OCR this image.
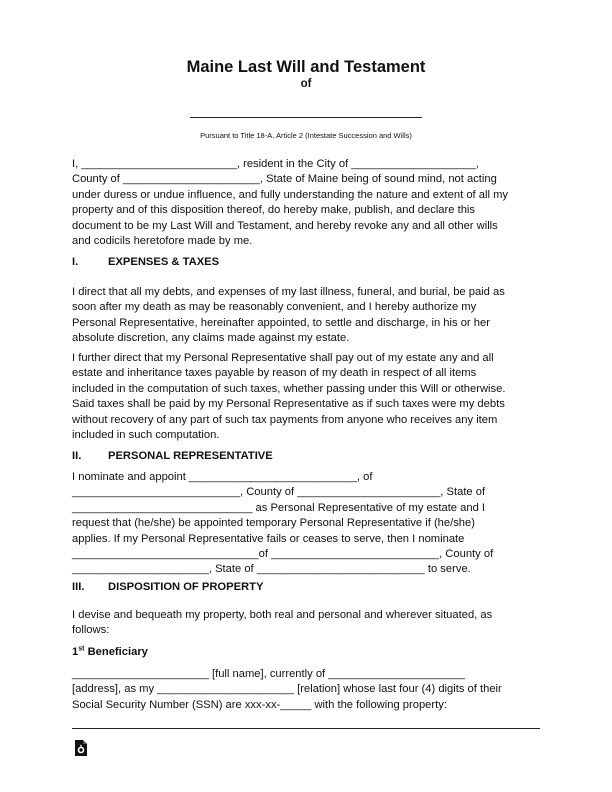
Maine Last Will and Testament
of
Pursuant to Title 18-A, Article 2 (Intestate Succession and Wills)

I, _________________________, resident in the City of ____________________,
County of ______________________, State of Maine being of sound mind, not acting
under duress or undue influence, and fully understanding the nature and extent of all my
property and of this disposition thereof, do hereby make, publish, and declare this
document to be my Last Will and Testament, and hereby revoke any and all other wills
and codicils heretofore made by me.

I.	EXPENSES & TAXES

I direct that all my debts, and expenses of my last illness, funeral, and burial, be paid as
soon after my death as may be reasonably convenient, and I hereby authorize my
Personal Representative, hereinafter appointed, to settle and discharge, in his or her
absolute discretion, any claims made against my estate.

I further direct that my Personal Representative shall pay out of my estate any and all
estate and inheritance taxes payable by reason of my death in respect of all items
included in the computation of such taxes, whether passing under this Will or otherwise.
Said taxes shall be paid by my Personal Representative as if such taxes were my debts
without recovery of any part of such tax payments from anyone who receives any item
included in such computation.

II. PERSONAL REPRESENTATIVE

I nominate and appoint ___________________________, of
___________________________, County of _______________________, State of
_____________________________ as Personal Representative of my estate and I
request that (he/she) be appointed temporary Personal Representative if (he/she)
applies. If my Personal Representative fails or ceases to serve, then I nominate
______________________________of ___________________________, County of
______________________, State of ___________________________ to serve.

III. DISPOSITION OF PROPERTY

I devise and bequeath my property, both real and personal and wherever situated, as
follows:

1st Beneficiary

______________________ [full name], currently of ______________________
[address], as my ______________________ [relation] whose last four (4) digits of their
Social Security Number (SSN) are xxx-xx-_____ with the following property:
